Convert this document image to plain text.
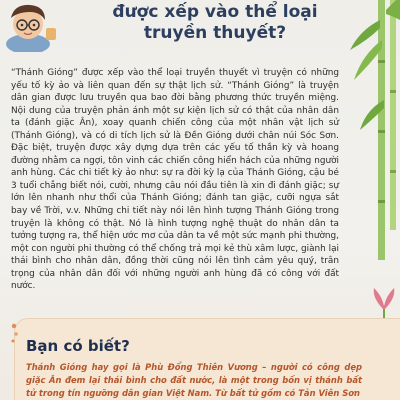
được xếp vào thể loại
truyền thuyết?

“Thánh Gióng” được xếp vào thể loại truyền thuyết vì truyện có những yếu tố kỳ ảo và liên quan đến sự thật lịch sử. “Thánh Gióng” là truyện dân gian được lưu truyền qua bao đời bằng phương thức truyền miệng. Nội dung của truyện phản ánh một sự kiện lịch sử có thật của nhân dân ta (đánh giặc Ân), xoay quanh chiến công của một nhân vật lịch sử (Thánh Gióng), và có di tích lịch sử là Đền Gióng dưới chân núi Sóc Sơn. Đặc biệt, truyện được xây dựng dựa trên các yếu tố thần kỳ và hoang đường nhằm ca ngợi, tôn vinh các chiến công hiển hách của những người anh hùng. Các chi tiết kỳ ảo như: sự ra đời kỳ lạ của Thánh Gióng, cậu bé 3 tuổi chẳng biết nói, cười, nhưng câu nói đầu tiên là xin đi đánh giặc; sự lớn lên nhanh như thổi của Thánh Gióng; đánh tan giặc, cưỡi ngựa sắt bay về Trời, v.v. Những chi tiết này nói lên hình tượng Thánh Gióng trong truyện là không có thật. Nó là hình tượng nghệ thuật do nhân dân ta tưởng tượng ra, thể hiện ước mơ của dân ta về một sức mạnh phi thường, một con người phi thường có thể chống trả mọi kẻ thù xâm lược, giành lại thái bình cho nhân dân, đồng thời cũng nói lên tình cảm yêu quý, trân trọng của nhân dân đối với những người anh hùng đã có công với đất nước.

Bạn có biết?

Thánh Gióng hay gọi là Phù Đổng Thiên Vương – người có công dẹp giặc Ân đem lại thái bình cho đất nước, là một trong bốn vị thánh bất tử trong tín ngưỡng dân gian Việt Nam. Từ bất tử gồm có Tản Viên Sơn
